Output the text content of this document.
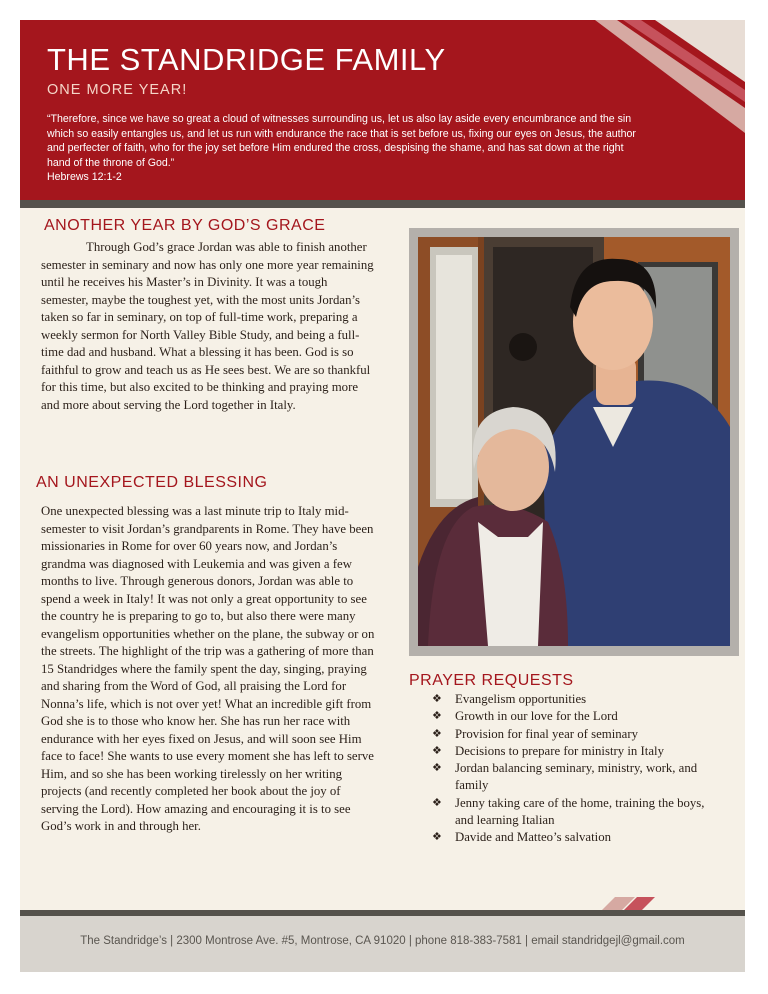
THE STANDRIDGE FAMILY
ONE MORE YEAR!
“Therefore, since we have so great a cloud of witnesses surrounding us, let us also lay aside every encumbrance and the sin which so easily entangles us, and let us run with endurance the race that is set before us, fixing our eyes on Jesus, the author and perfecter of faith, who for the joy set before Him endured the cross, despising the shame, and has sat down at the right hand of the throne of God.”
Hebrews 12:1-2
ANOTHER YEAR BY GOD’S GRACE

Through God’s grace Jordan was able to finish another semester in seminary and now has only one more year remaining until he receives his Master’s in Divinity. It was a tough semester, maybe the toughest yet, with the most units Jordan’s taken so far in seminary, on top of full-time work, preparing a weekly sermon for North Valley Bible Study, and being a full-time dad and husband. What a blessing it has been. God is so faithful to grow and teach us as He sees best. We are so thankful for this time, but also excited to be thinking and praying more and more about serving the Lord together in Italy.

AN UNEXPECTED BLESSING

One unexpected blessing was a last minute trip to Italy mid-semester to visit Jordan’s grandparents in Rome. They have been missionaries in Rome for over 60 years now, and Jordan’s grandma was diagnosed with Leukemia and was given a few months to live. Through generous donors, Jordan was able to spend a week in Italy! It was not only a great opportunity to see the country he is preparing to go to, but also there were many evangelism opportunities whether on the plane, the subway or on the streets. The highlight of the trip was a gathering of more than 15 Standridges where the family spent the day, singing, praying and sharing from the Word of God, all praising the Lord for Nonna’s life, which is not over yet! What an incredible gift from God she is to those who know her. She has run her race with endurance with her eyes fixed on Jesus, and will soon see Him face to face! She wants to use every moment she has left to serve Him, and so she has been working tirelessly on her writing projects (and recently completed her book about the joy of serving the Lord). How amazing and encouraging it is to see God’s work in and through her.

PRAYER REQUESTS
❖ Evangelism opportunities
❖ Growth in our love for the Lord
❖ Provision for final year of seminary
❖ Decisions to prepare for ministry in Italy
❖ Jordan balancing seminary, ministry, work, and family
❖ Jenny taking care of the home, training the boys, and learning Italian
❖ Davide and Matteo’s salvation
The Standridge’s | 2300 Montrose Ave. #5, Montrose, CA 91020 | phone 818-383-7581 | email standridgejl@gmail.com
